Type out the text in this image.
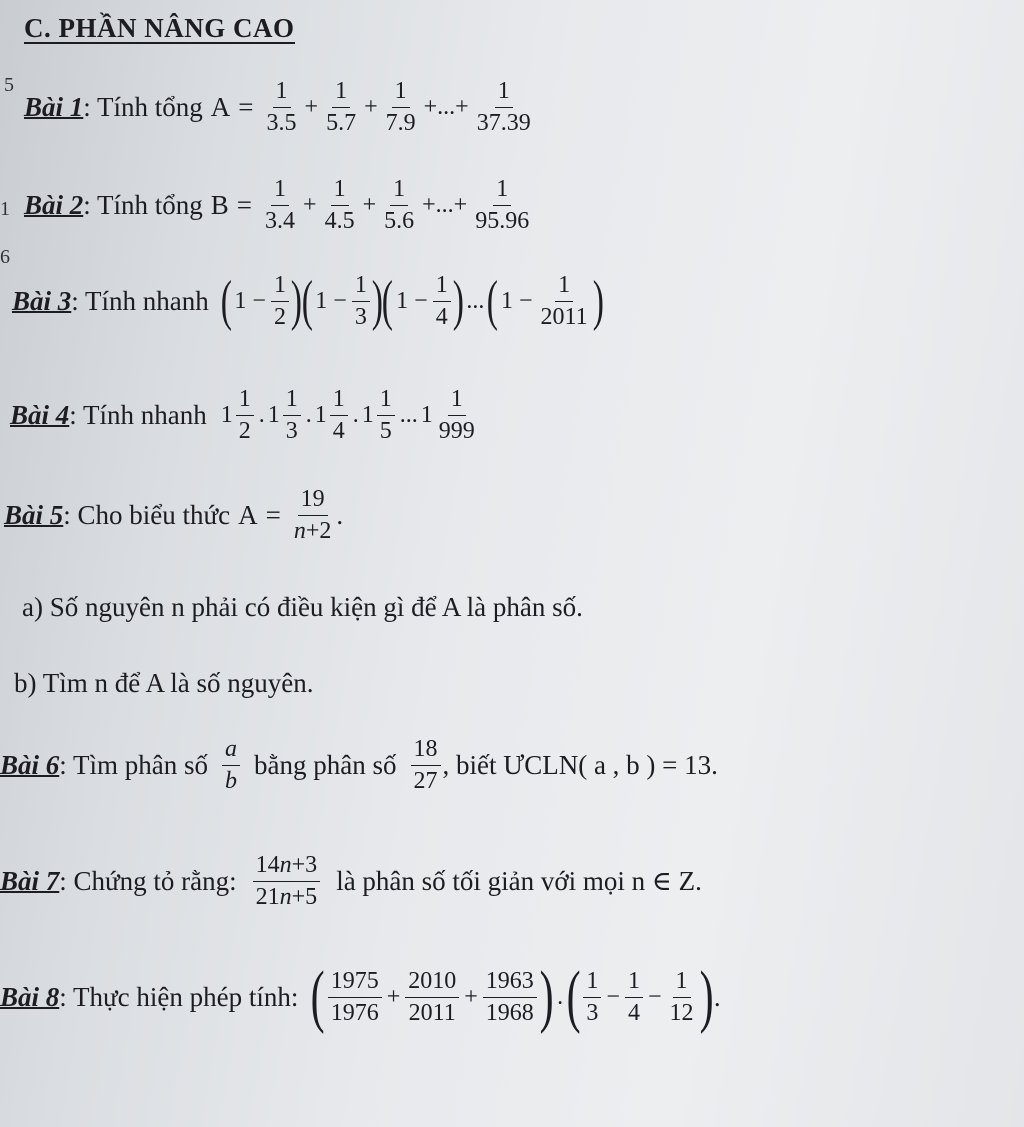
C. PHẦN NÂNG CAO
5
1
6
Bài 1 : Tính tổng $A = \frac{1}{3.5} + \frac{1}{5.7} + \frac{1}{7.9}$ +...+ $\frac{1}{37.39}$
Bài 2 : Tính tổng $B = \frac{1}{3.4} + \frac{1}{4.5} + \frac{1}{5.6}$ +...+ $\frac{1}{95.96}$
Bài 3 : Tính nhanh ( $1 - \frac{1}{2}$ ) ( $1 - \frac{1}{3}$ ) ( $1 - \frac{1}{4}$ ) ... ( $1 - \frac{1}{2011}$ )
Bài 4 : Tính nhanh 1
1
2
. 1
1
3
. 1
1
4
. 1
1
5
... 1
1
999
Bài 5 : Cho biểu thức $A = \frac{19}{n+2}$ .
a) Số nguyên n phải có điều kiện gì để A là phân số.
b) Tìm n để A là số nguyên.
Bài 6 : Tìm phân số
a
b
bằng phân số
18
27
, biết ƯCLN( a , b ) = 13.
Bài 7 : Chứng tỏ rằng:
14n+3
21n+5
là phân số tối giản với mọi n ∈ Z.
Bài 8 : Thực hiện phép tính: ( 1975
1976
+ $\frac{2010}{2011} + \frac{1963}{1968}$ ) . ( 1
3
− $\frac{1}{4} - \frac{1}{12}$ ) .
